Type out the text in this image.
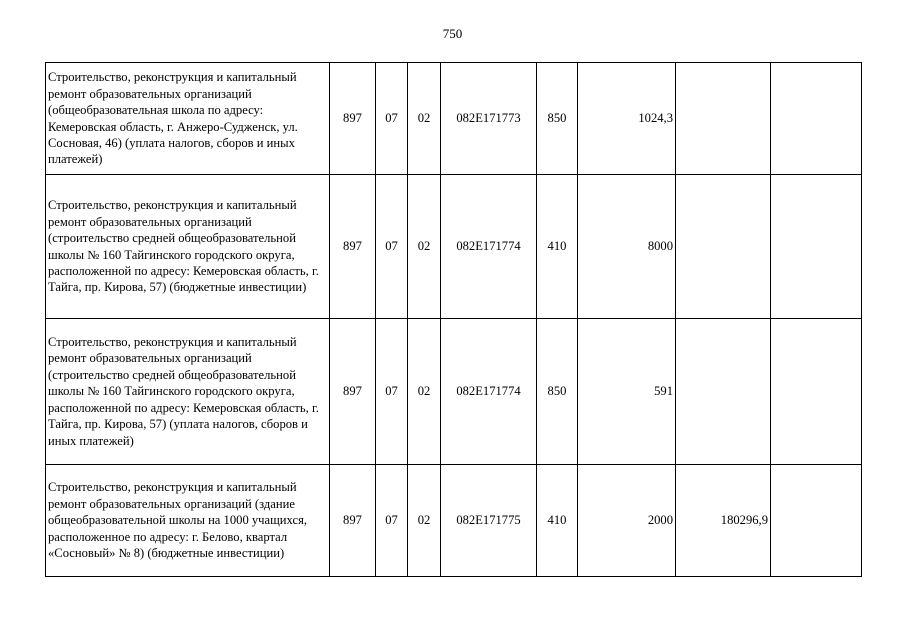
750
Строительство, реконструкция и капитальный ремонт образовательных организаций (общеобразовательная школа по адресу: Кемеровская область, г. Анжеро-Судженск, ул. Сосновая, 46) (уплата налогов, сборов и иных платежей)	897	07	02	082E171773	850	1024,3		
Строительство, реконструкция и капитальный ремонт образовательных организаций (строительство средней общеобразовательной школы № 160 Тайгинского городского округа, расположенной по адресу: Кемеровская область, г. Тайга, пр. Кирова, 57) (бюджетные инвестиции)	897	07	02	082E171774	410	8000		
Строительство, реконструкция и капитальный ремонт образовательных организаций (строительство средней общеобразовательной школы № 160 Тайгинского городского округа, расположенной по адресу: Кемеровская область, г. Тайга, пр. Кирова, 57) (уплата налогов, сборов и иных платежей)	897	07	02	082E171774	850	591		
Строительство, реконструкция и капитальный ремонт образовательных организаций (здание общеобразовательной школы на 1000 учащихся, расположенное по адресу: г. Белово, квартал «Сосновый» № 8) (бюджетные инвестиции)	897	07	02	082E171775	410	2000	180296,9	
